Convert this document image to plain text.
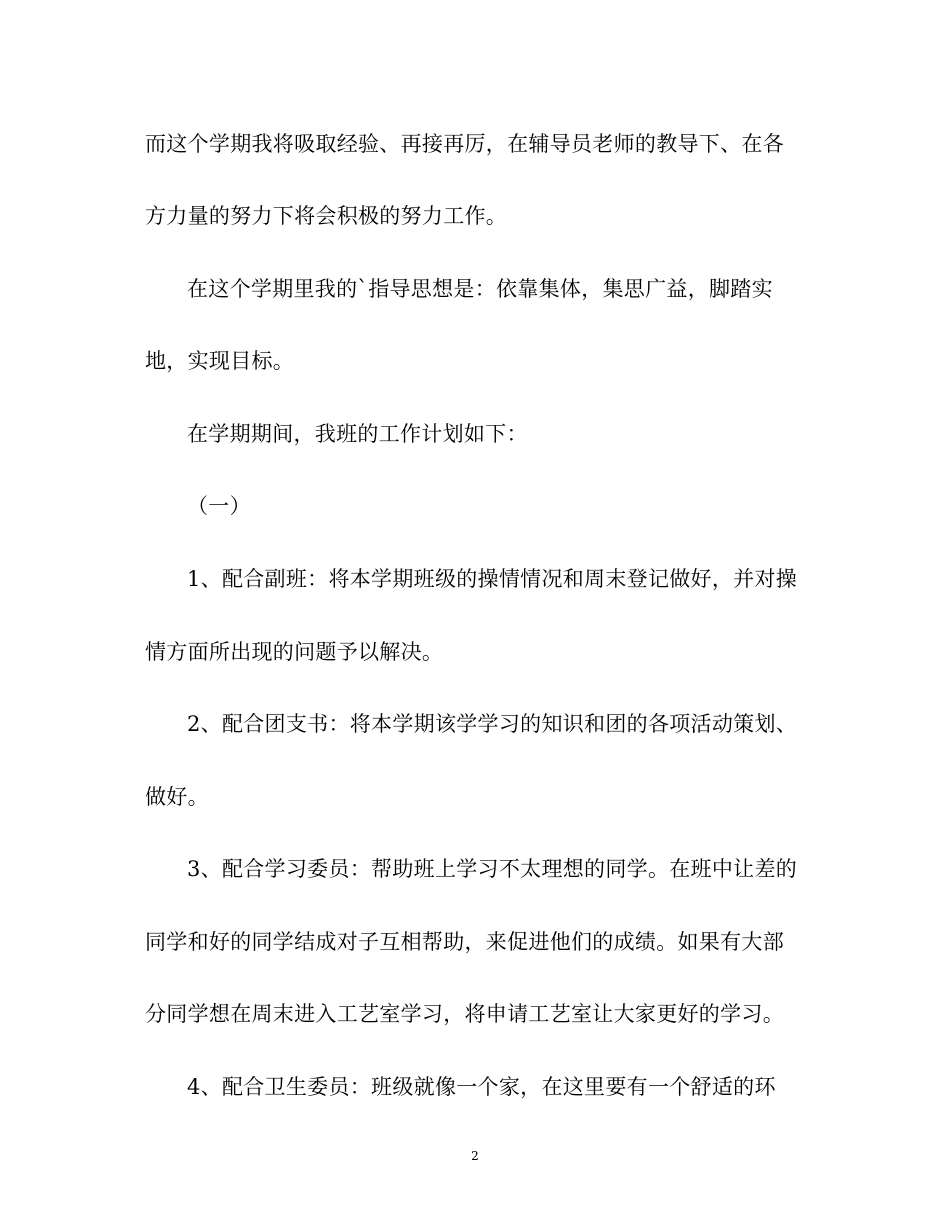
而这个学期我将吸取经验、再接再厉，在辅导员老师的教导下、在各
方力量的努力下将会积极的努力工作。
在这个学期里我的`指导思想是：依靠集体，集思广益，脚踏实
地，实现目标。
在学期期间，我班的工作计划如下：
（一）
1、配合副班：将本学期班级的操情情况和周末登记做好，并对操
情方面所出现的问题予以解决。
2、配合团支书：将本学期该学学习的知识和团的各项活动策划、
做好。
3、配合学习委员：帮助班上学习不太理想的同学。在班中让差的
同学和好的同学结成对子互相帮助，来促进他们的成绩。如果有大部
分同学想在周末进入工艺室学习，将申请工艺室让大家更好的学习。
4、配合卫生委员：班级就像一个家，在这里要有一个舒适的环
2
